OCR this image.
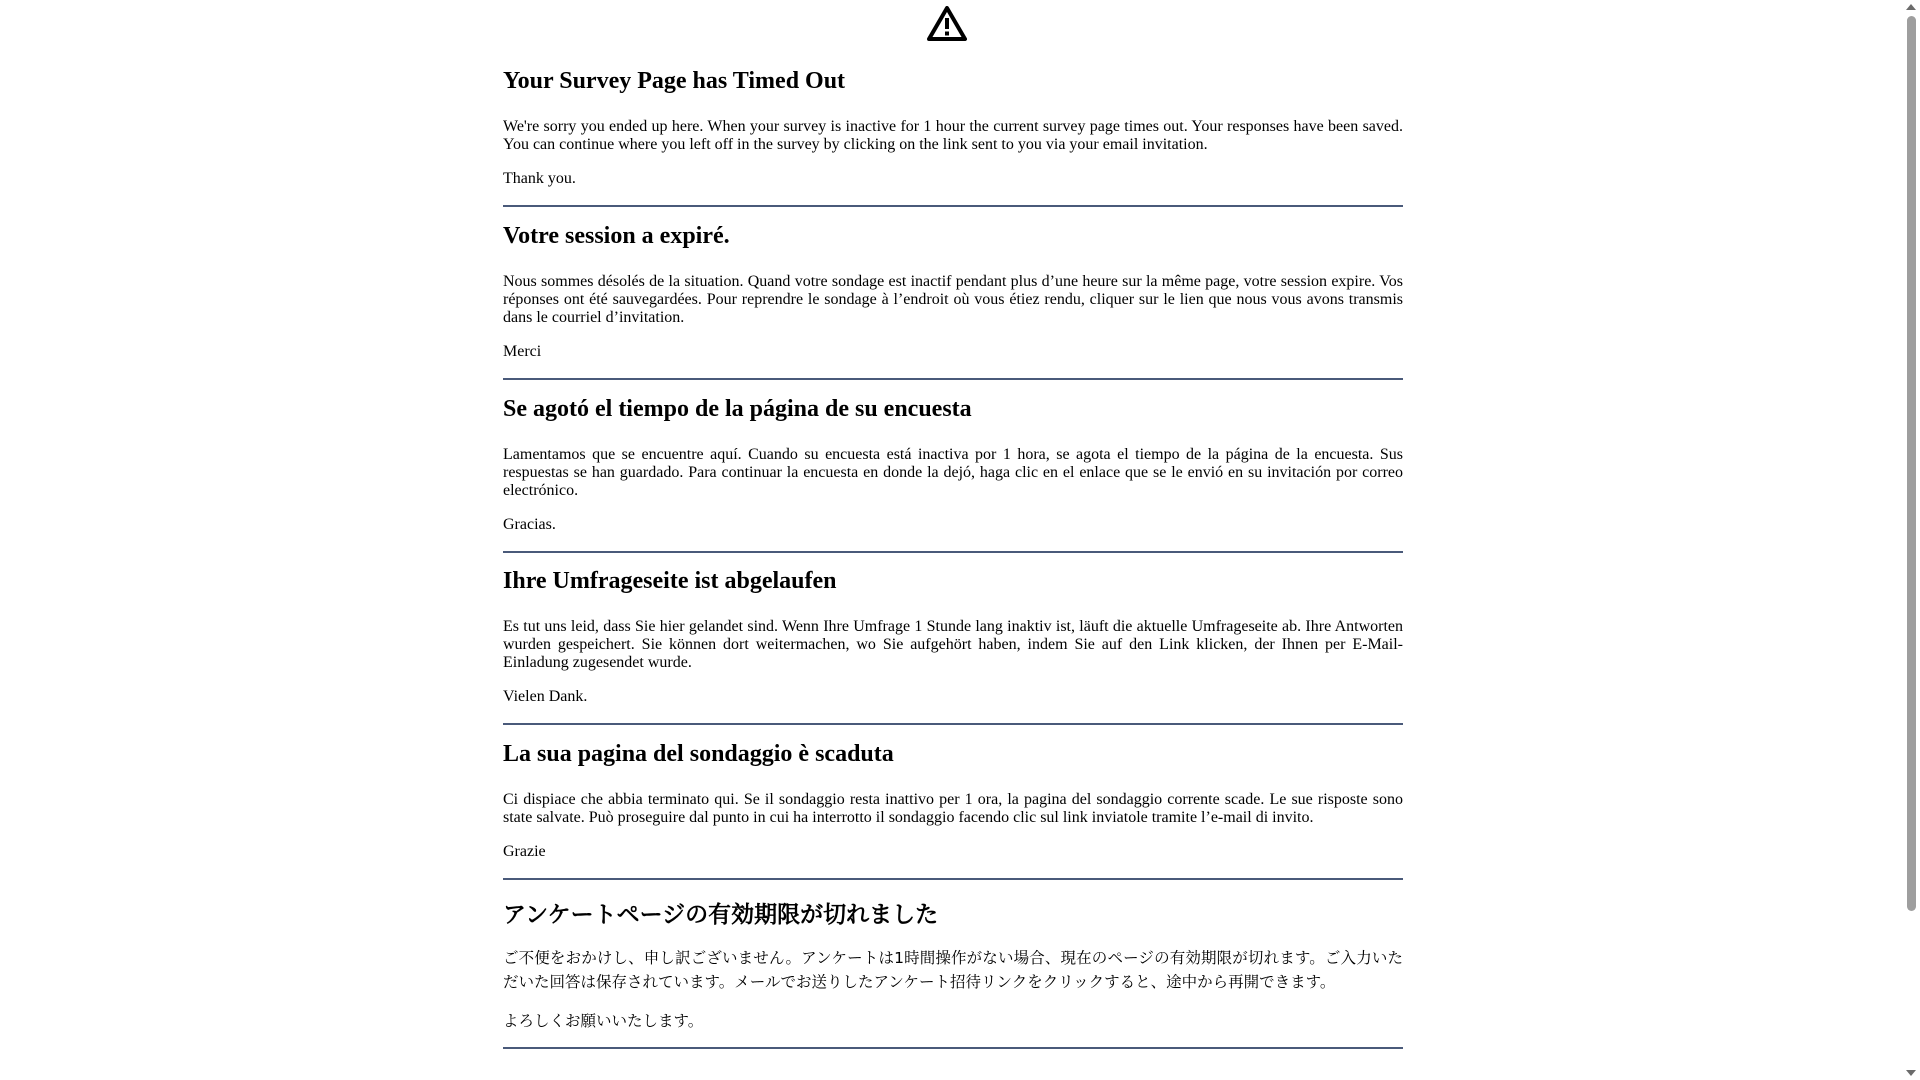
Your Survey Page has Timed Out

We're sorry you ended up here. When your survey is inactive for 1 hour the current survey page times out. Your responses have been saved. You can continue where you left off in the survey by clicking on the link sent to you via your email invitation.

Thank you.

Votre session a expiré.

Nous sommes désolés de la situation. Quand votre sondage est inactif pendant plus d’une heure sur la même page, votre session expire. Vos réponses ont été sauvegardées. Pour reprendre le sondage à l’endroit où vous étiez rendu, cliquer sur le lien que nous vous avons transmis dans le courriel d’invitation.

Merci

Se agotó el tiempo de la página de su encuesta

Lamentamos que se encuentre aquí. Cuando su encuesta está inactiva por 1 hora, se agota el tiempo de la página de la encuesta. Sus respuestas se han guardado. Para continuar la encuesta en donde la dejó, haga clic en el enlace que se le envió en su invitación por correo electrónico.

Gracias.

Ihre Umfrageseite ist abgelaufen

Es tut uns leid, dass Sie hier gelandet sind. Wenn Ihre Umfrage 1 Stunde lang inaktiv ist, läuft die aktuelle Umfrageseite ab. Ihre Antworten wurden gespeichert. Sie können dort weitermachen, wo Sie aufgehört haben, indem Sie auf den Link klicken, der Ihnen per E-Mail-Einladung zugesendet wurde.

Vielen Dank.

La sua pagina del sondaggio è scaduta

Ci dispiace che abbia terminato qui. Se il sondaggio resta inattivo per 1 ora, la pagina del sondaggio corrente scade. Le sue risposte sono state salvate. Può proseguire dal punto in cui ha interrotto il sondaggio facendo clic sul link inviatole tramite l’e-mail di invito.

Grazie

アンケートページの有効期限が切れました

ご不便をおかけし、申し訳ございません。アンケートは1時間操作がない場合、現在のページの有効期限が切れます。ご入力いただいた回答は保存されています。メールでお送りしたアンケート招待リンクをクリックすると、途中から再開できます。

よろしくお願いいたします。
